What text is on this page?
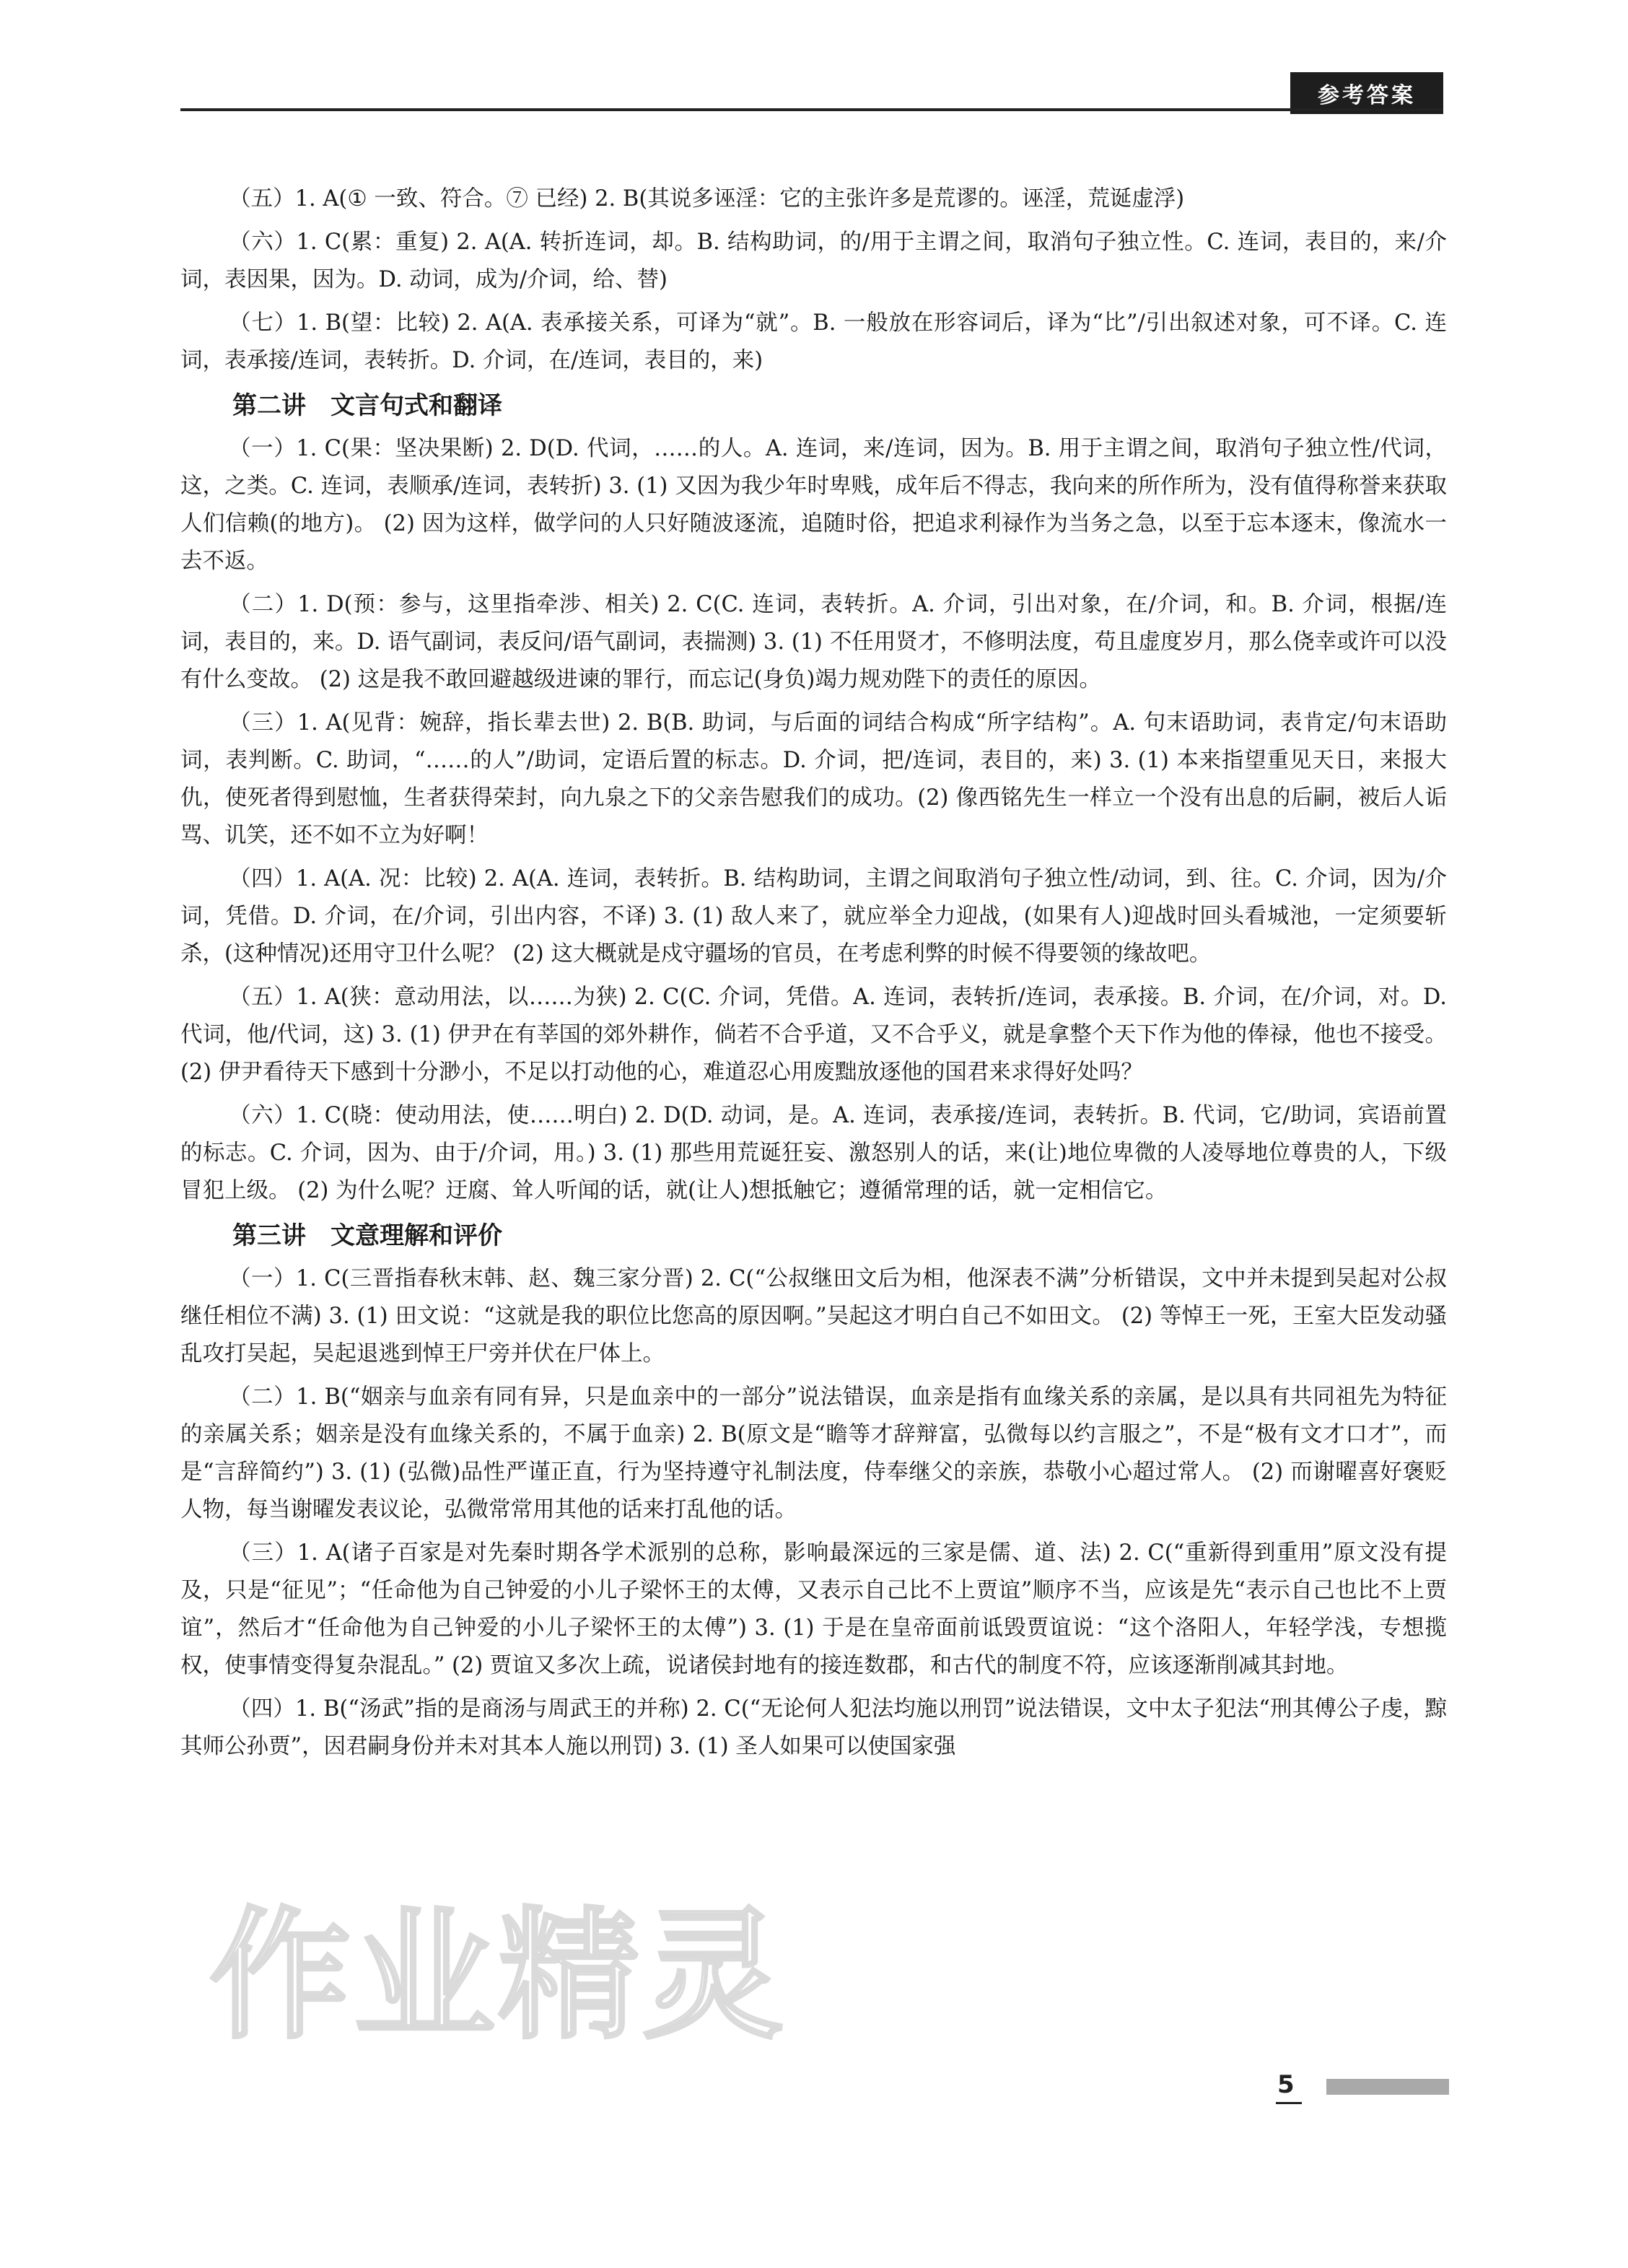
参考答案

（五）1. A(① 一致、符合。⑦ 已经) 2. B(其说多诬淫：它的主张许多是荒谬的。诬淫，荒诞虚浮)

（六）1. C(累：重复) 2. A(A. 转折连词，却。B. 结构助词，的/用于主谓之间，取消句子独立性。C. 连词，表目的，来/介词，表因果，因为。D. 动词，成为/介词，给、替)

（七）1. B(望：比较) 2. A(A. 表承接关系，可译为“就”。B. 一般放在形容词后，译为“比”/引出叙述对象，可不译。C. 连词，表承接/连词，表转折。D. 介词，在/连词，表目的，来)

第二讲　文言句式和翻译

（一）1. C(果：坚决果断) 2. D(D. 代词，……的人。A. 连词，来/连词，因为。B. 用于主谓之间，取消句子独立性/代词，这，之类。C. 连词，表顺承/连词，表转折) 3. (1) 又因为我少年时卑贱，成年后不得志，我向来的所作所为，没有值得称誉来获取人们信赖(的地方)。 (2) 因为这样，做学问的人只好随波逐流，追随时俗，把追求利禄作为当务之急，以至于忘本逐末，像流水一去不返。

（二）1. D(预：参与，这里指牵涉、相关) 2. C(C. 连词，表转折。A. 介词，引出对象，在/介词，和。B. 介词，根据/连词，表目的，来。D. 语气副词，表反问/语气副词，表揣测) 3. (1) 不任用贤才，不修明法度，苟且虚度岁月，那么侥幸或许可以没有什么变故。 (2) 这是我不敢回避越级进谏的罪行，而忘记(身负)竭力规劝陛下的责任的原因。

（三）1. A(见背：婉辞，指长辈去世) 2. B(B. 助词，与后面的词结合构成“所字结构”。A. 句末语助词，表肯定/句末语助词，表判断。C. 助词，“……的人”/助词，定语后置的标志。D. 介词，把/连词，表目的，来) 3. (1) 本来指望重见天日，来报大仇，使死者得到慰恤，生者获得荣封，向九泉之下的父亲告慰我们的成功。(2) 像西铭先生一样立一个没有出息的后嗣，被后人诟骂、讥笑，还不如不立为好啊！

（四）1. A(A. 况：比较) 2. A(A. 连词，表转折。B. 结构助词，主谓之间取消句子独立性/动词，到、往。C. 介词，因为/介词，凭借。D. 介词，在/介词，引出内容，不译) 3. (1) 敌人来了，就应举全力迎战，(如果有人)迎战时回头看城池，一定须要斩杀，(这种情况)还用守卫什么呢？ (2) 这大概就是戍守疆场的官员，在考虑利弊的时候不得要领的缘故吧。

（五）1. A(狭：意动用法，以……为狭) 2. C(C. 介词，凭借。A. 连词，表转折/连词，表承接。B. 介词，在/介词，对。D. 代词，他/代词，这) 3. (1) 伊尹在有莘国的郊外耕作，倘若不合乎道，又不合乎义，就是拿整个天下作为他的俸禄，他也不接受。 (2) 伊尹看待天下感到十分渺小，不足以打动他的心，难道忍心用废黜放逐他的国君来求得好处吗？

（六）1. C(晓：使动用法，使……明白) 2. D(D. 动词，是。A. 连词，表承接/连词，表转折。B. 代词，它/助词，宾语前置的标志。C. 介词，因为、由于/介词，用。) 3. (1) 那些用荒诞狂妄、激怒别人的话，来(让)地位卑微的人凌辱地位尊贵的人，下级冒犯上级。 (2) 为什么呢？迂腐、耸人听闻的话，就(让人)想抵触它；遵循常理的话，就一定相信它。

第三讲　文意理解和评价

（一）1. C(三晋指春秋末韩、赵、魏三家分晋) 2. C(“公叔继田文后为相，他深表不满”分析错误，文中并未提到吴起对公叔继任相位不满) 3. (1) 田文说：“这就是我的职位比您高的原因啊。”吴起这才明白自己不如田文。 (2) 等悼王一死，王室大臣发动骚乱攻打吴起，吴起退逃到悼王尸旁并伏在尸体上。

（二）1. B(“姻亲与血亲有同有异，只是血亲中的一部分”说法错误，血亲是指有血缘关系的亲属，是以具有共同祖先为特征的亲属关系；姻亲是没有血缘关系的，不属于血亲) 2. B(原文是“瞻等才辞辩富，弘微每以约言服之”，不是“极有文才口才”，而是“言辞简约”) 3. (1) (弘微)品性严谨正直，行为坚持遵守礼制法度，侍奉继父的亲族，恭敬小心超过常人。 (2) 而谢曜喜好褒贬人物，每当谢曜发表议论，弘微常常用其他的话来打乱他的话。

（三）1. A(诸子百家是对先秦时期各学术派别的总称，影响最深远的三家是儒、道、法) 2. C(“重新得到重用”原文没有提及，只是“征见”；“任命他为自己钟爱的小儿子梁怀王的太傅，又表示自己比不上贾谊”顺序不当，应该是先“表示自己也比不上贾谊”，然后才“任命他为自己钟爱的小儿子梁怀王的太傅”) 3. (1) 于是在皇帝面前诋毁贾谊说：“这个洛阳人，年轻学浅，专想揽权，使事情变得复杂混乱。” (2) 贾谊又多次上疏，说诸侯封地有的接连数郡，和古代的制度不符，应该逐渐削减其封地。

（四）1. B(“汤武”指的是商汤与周武王的并称) 2. C(“无论何人犯法均施以刑罚”说法错误，文中太子犯法“刑其傅公子虔，黥其师公孙贾”，因君嗣身份并未对其本人施以刑罚) 3. (1) 圣人如果可以使国家强

作业精灵
5
